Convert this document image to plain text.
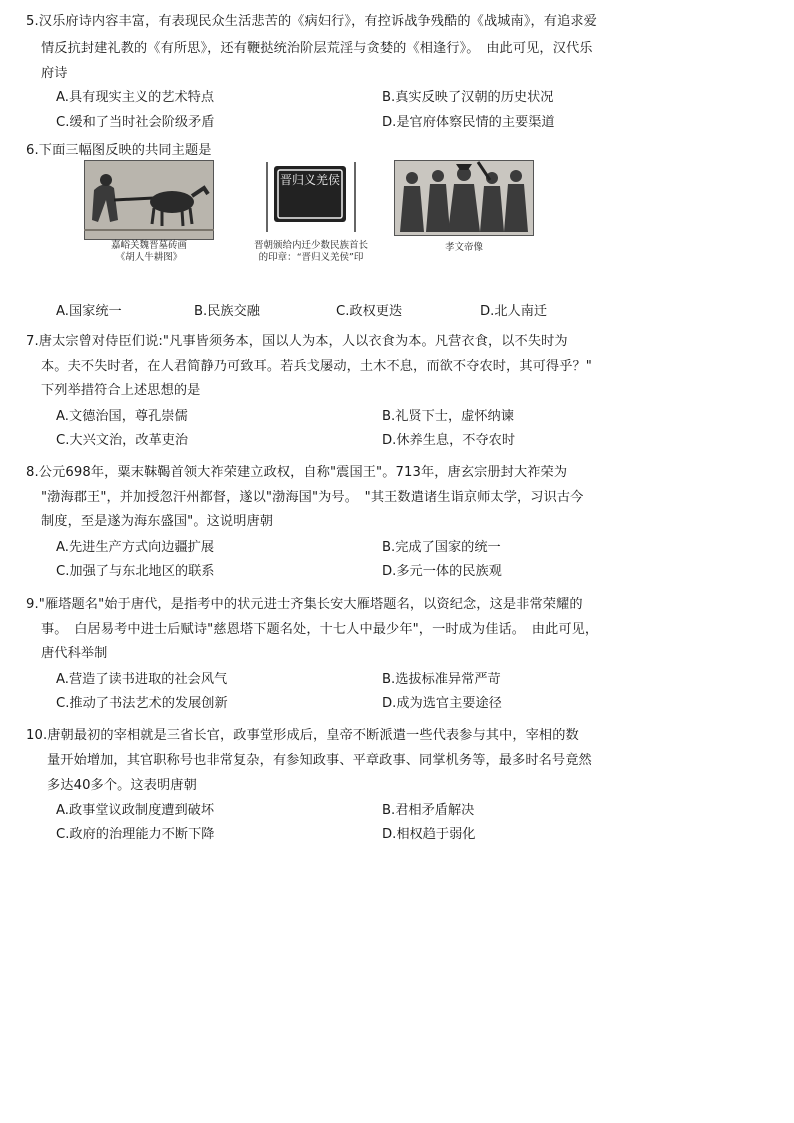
5.汉乐府诗内容丰富，有表现民众生活悲苦的《病妇行》，有控诉战争残酷的《战城南》，有追求爱
情反抗封建礼教的《有所思》，还有鞭挞统治阶层荒淫与贪婪的《相逢行》。　由此可见，汉代乐
府诗
A.具有现实主义的艺术特点	B.真实反映了汉朝的历史状况
C.缓和了当时社会阶级矛盾	D.是官府体察民情的主要渠道
6.下面三幅图反映的共同主题是
嘉峪关魏晋墓砖画
《胡人牛耕图》
晋归义羌侯
晋朝颁给内迁少数民族首长
的印章：“晋归义羌侯”印
孝文帝像
A.国家统一	B.民族交融	C.政权更迭	D.北人南迁
7.唐太宗曾对侍臣们说:"凡事皆须务本，国以人为本，人以衣食为本。凡营衣食，以不失时为
本。夫不失时者，在人君简静乃可致耳。若兵戈屡动，土木不息，而欲不夺农时，其可得乎？"
下列举措符合上述思想的是
A.文德治国，尊孔崇儒	B.礼贤下士，虚怀纳谏
C.大兴文治，改革吏治	D.休养生息，不夺农时
8.公元698年，粟末靺鞨首领大祚荣建立政权，自称"震国王"。713年，唐玄宗册封大祚荣为
"渤海郡王"，并加授忽汗州都督，遂以"渤海国"为号。　"其王数遣诸生诣京师太学，习识古今
制度，至是遂为海东盛国"。这说明唐朝
A.先进生产方式向边疆扩展	B.完成了国家的统一
C.加强了与东北地区的联系	D.多元一体的民族观
9."雁塔题名"始于唐代，是指考中的状元进士齐集长安大雁塔题名，以资纪念，这是非常荣耀的
事。　白居易考中进士后赋诗"慈恩塔下题名处，十七人中最少年"，一时成为佳话。　由此可见，
唐代科举制
A.营造了读书进取的社会风气	B.选拔标准异常严苛
C.推动了书法艺术的发展创新	D.成为选官主要途径
10.唐朝最初的宰相就是三省长官，政事堂形成后，皇帝不断派遣一些代表参与其中，宰相的数
量开始增加，其官职称号也非常复杂，有参知政事、平章政事、同掌机务等，最多时名号竟然
多达40多个。这表明唐朝
A.政事堂议政制度遭到破坏	B.君相矛盾解决
C.政府的治理能力不断下降	D.相权趋于弱化
